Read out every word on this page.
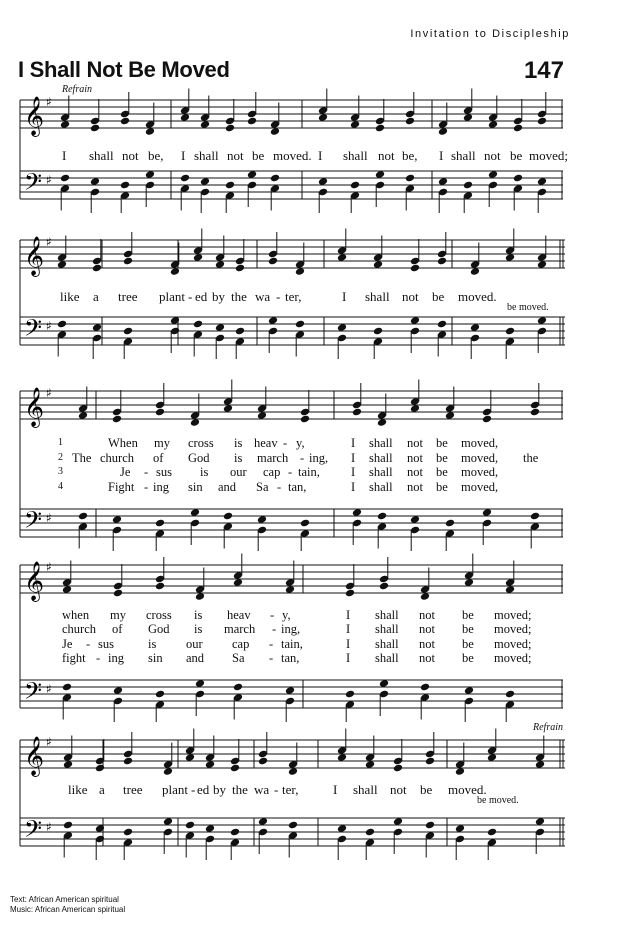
Invitation to Discipleship
I Shall Not Be Moved	147
Refrain
Refrain
𝄞
𝄢
♯
♯
𝄞
𝄢
♯
♯
𝄞
𝄢
♯
♯
𝄞
𝄢
♯
♯
𝄞
𝄢
♯
♯
I shall not be, I shall not be moved. I shall not be, I shall not be moved;
like a tree plant - ed by the wa - ter,	I shall not be moved.
be moved.
1	When my cross is heav - y,	I shall not be moved,
2 The church of God is march - ing, I shall not be moved, the
3	Je - sus is our cap - tain, I shall not be moved,
4	Fight - ing sin and Sa - tan,	I shall not be moved,
when my cross is heav - y,	I shall not be moved;
church of God is march - ing,	I shall not be moved;
Je - sus	is our cap - tain,	I shall not be moved;
fight - ing sin and Sa - tan,	I shall not be moved;
like a tree plant - ed by the wa - ter,	I shall not be moved.
be moved.
Text: African American spiritual
Music: African American spiritual
